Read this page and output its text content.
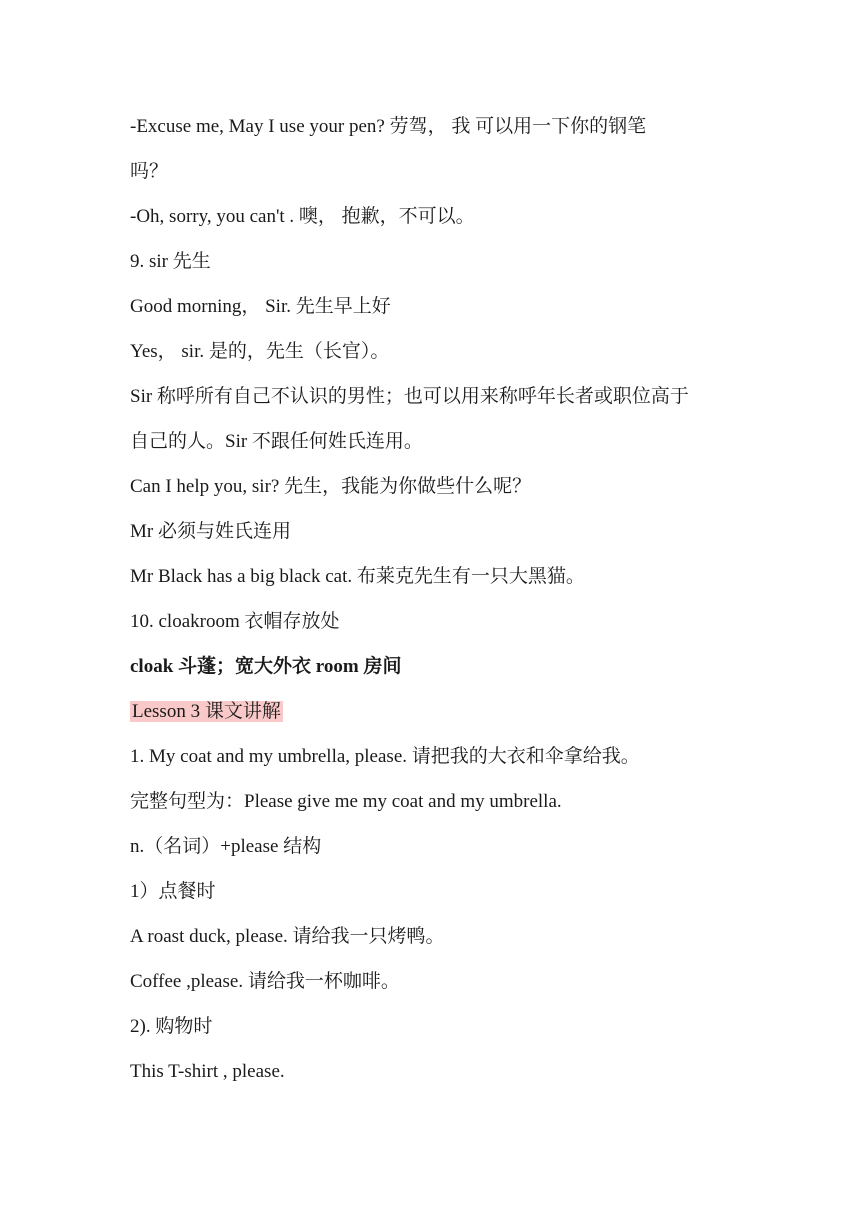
-Excuse me, May I use your pen? 劳驾， 我 可以用一下你的钢笔
吗？
-Oh, sorry, you can't . 噢， 抱歉，不可以。
9. sir 先生
Good morning， Sir. 先生早上好
Yes， sir. 是的，先生（长官）。
Sir 称呼所有自己不认识的男性；也可以用来称呼年长者或职位高于
自己的人。Sir 不跟任何姓氏连用。
Can I help you, sir? 先生，我能为你做些什么呢？
Mr 必须与姓氏连用
Mr Black has a big black cat. 布莱克先生有一只大黑猫。
10. cloakroom 衣帽存放处
cloak 斗蓬；宽大外衣 room 房间
Lesson 3 课文讲解
1. My coat and my umbrella, please. 请把我的大衣和伞拿给我。
完整句型为：Please give me my coat and my umbrella.
n.（名词）+please 结构
1）点餐时
A roast duck, please. 请给我一只烤鸭。
Coffee ,please. 请给我一杯咖啡。
2). 购物时
This T-shirt , please.
